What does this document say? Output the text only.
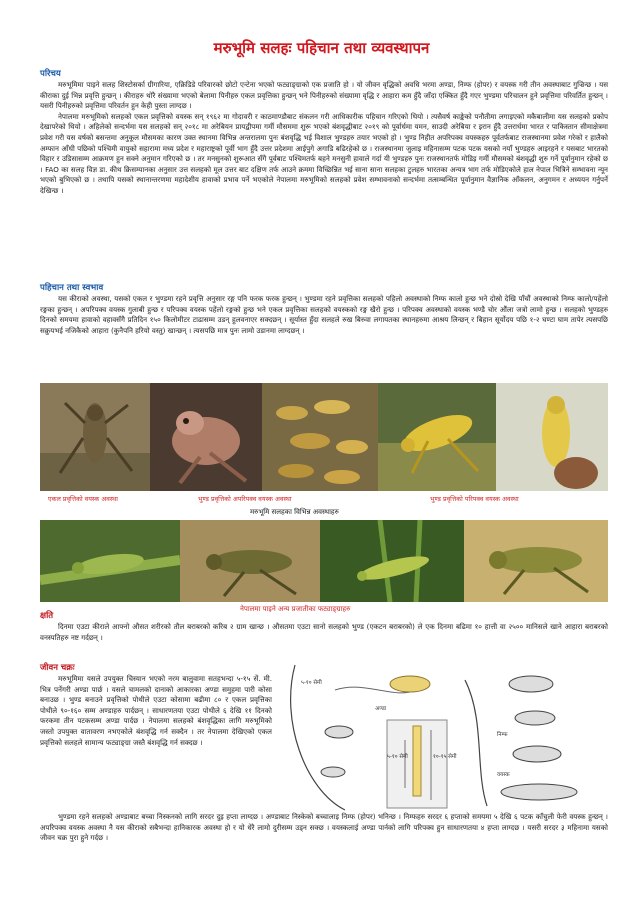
मरुभूमि सलहः पहिचान तथा व्यवस्थापन
परिचय

मरुभूमिमा पाइने सलह शिस्टोसर्का ग्रीगारिया, एक्रिडिडे परिवारको छोटो एन्टेना भएको फट्याङ्ग्राको एक प्रजाति हो । यो जीवन वृद्धिको अवधि भरमा अण्डा, निम्फ (होपर) र वयस्क गरी तीन अवस्थाबाट गुज्रिन्छ । यस कीराका दुई भिन्न प्रवृत्ति हुन्छन् । कीराहरु थोरै संख्यामा भएको बेलामा पिनीहरु एकल प्रवृत्तिका हुन्छन् भने पिनीहरुको संख्यामा वृद्धि र आहारा कम हुँदै जाँदा एक्कित हुँदै गएर भुण्डमा परिचालन हुने प्रवृत्तिमा परिवर्तित हुन्छन् । यसरी पिनीहरुको प्रवृत्तिमा परिवर्तन हुन केही पुस्ता लाग्दछ ।

नेपालमा मरुभूमिको सलहको एकल प्रवृत्तिको वयस्क सन् १९६२ मा गोदावरी र काठमाण्डौबाट संकलन गरी आधिकारीक पहिचान गरिएको थियो । त्यसैवर्ष काङ्केको पनौतीमा लगाइएको मकैबालीमा यस सलहको प्रकोप देखापरेको थियो । अहिलेको सन्दर्भमा यस सलहको सन् २०१८ मा अरेबियन प्रायद्वीपमा गर्मी मौसममा शुरू भएको बंशवृद्धीबाट २०१९ को पूर्वार्धमा यमन, साउदी अरेबिया र इरान हुँदै उत्तरार्धमा भारत र पाकिस्तान सीमाक्षेत्रमा प्रवेश गरी यस वर्षको बसन्तमा अनुकूल मौसमका कारण उक्त स्थानमा विभिन्न अन्तरालमा पुनः बंशवृद्धि भई विशाल भुण्डहरु तयार भएको हो । भुण्ड निहीत अपरिपक्व वयस्कहरु पूर्वतर्फबाट राजस्थानमा प्रवेश गरेको र हालैको अम्फान आँधी पछिको पश्चिमी वायुको सहारामा मध्य प्रदेश र महाराष्ट्रको पूर्वी भाग हुँदै उत्तर प्रदेशमा आईपुगे अगाडि बढिरहेको छ । राजस्थानमा जुलाइ महिनासम्म पटक पटक यसको नयाँ भुण्डहरु आइरहने र यसबाट भारतको विहार र उडिसासम्म आक्रमण हुन सक्ने अनुमान गरिएको छ । तर मनसुनको शुरूआत सँगै पूर्वबाट पश्चिमतर्फ बहने मनसुनी हावाले गर्दा यी भुण्डहरु पुनः राजस्थानतर्फ मोडिइ गर्मी मौसमको बंशवृद्धी शुरु गर्ने पूर्वानुमान रहेको छ । FAO का सलह विज्ञ डा. कीथ क्रिसम्यानका अनुसार उत्त सलहको मूल उत्तर बाट दक्षिण तर्फ आउने क्रममा विच्छिन्नित भई साना साना सलहका टुलहरु भारतका अन्यत्र भाग तर्फ मोडिएकोले हाल नेपाल भित्रिने सम्भावना न्यून भएको बुभिएको छ । तथापि यसको स्थानान्तरणमा महादेशीय हावाको प्रभाव पर्ने भएकोले नेपालमा मरुभूमिको सलहको प्रवेश सम्भावनाको सन्दर्भमा तत्सम्बन्धित पूर्वानुमान वैज्ञानिक आँकलन, अनुगमन र अध्ययन गर्नुपर्ने देखिन्छ ।

पहिचान तथा स्वभाव

यस कीराको अवस्था, यसको एकल र भुण्डमा रहने प्रवृत्ति अनुसार रङ्ग पनि फरक फरक हुन्छन् । भुण्डमा रहने प्रवृत्तिका सलहको पहिलो अवस्थाको निम्फ कालो हुन्छ भने दोस्रो देखि पाँचौं अवस्थाको निम्फ कालो/पहेंलो रङ्गका हुन्छन् । अपरिपक्व वयस्क गुलाबी हुन्छ र परिपक्व वयस्क पहेंलो रङ्गको हुन्छ भने एकल प्रवृत्तिका सलहको वयस्कको रङ्ग खैरो हुन्छ । परिपक्व अवस्थाको वयस्क भण्डै चोर औंला जत्रो लामो हुन्छ । सलहको भुण्डहरु दिनको समयमा हावाको वहावसँगै प्रतिदिन १५० किलोमीटर टाढासम्म उडन् हुलवनाएर सक्दछन् । सूर्यास्त हुँदा सलहले रुख बिरुवा लगायतका स्थानहरुमा आश्रय लिन्छन् र बिहान सूर्योदय पछि १-२ घण्टा घाम तापेर त्यसपछि सक्रुयभई नजिकैको आहारा (कुनैपनि हरियो वस्तु) खान्छन् । त्यसपछि मात्र पुनः लामो उडानमा लाग्दछन् ।

एकल प्रवृत्तिको वयस्क अवस्था	भुण्ड प्रवृत्तिको अपरिपक्व वयस्क अवस्था	भुण्ड प्रवृत्तिको परिपक्व वयस्क अवस्था
मरुभूमि सलहका विभिन्न अवस्थाहरु
नेपालमा पाइने अन्य प्रजातीका फट्याङ्ग्राहरु
क्षति

दिनमा एउटा कीराले आफ्नो औसत शरीरको तौल बराबरको करिब २ ग्राम खान्छ । औसतमा एउटा सानो सलहको भुण्ड (एकटन बराबरको) ले एक दिनमा बढिमा १० हात्ती वा २५०० मानिसले खाने आहारा बराबरको वनस्पतिहरु नष्ट गर्दछन् ।

जीवन चक्रः

मरुभूमिमा यसले उपयुक्त चिस्यान भएको नरम बालुवामा सतहभन्दा ५-१५ सें. मी. भित्र पर्नेगरी अण्डा पार्छ । यसले चामलको दानाको आकारका अण्डा समुहमा पारी कोसा बनाउछ । भुण्ड बनाउने प्रवृत्तिको पोथीले एउटा कोसामा बढीमा ८० र एकल प्रवृत्तिका पोथीले ९०-१६० सम्म अण्डाहरु पार्दछन् । साधारणतया एउटा पोथीले ६ देखि ११ दिनको फरकमा तीन पटकसम्म अण्डा पार्दछ । नेपालमा सलहको बंशवृद्धिका लागि मरुभूमिको जस्तो उपयुक्त वातावरण नभएकोले बंशवृद्धि गर्न सक्दैन । तर नेपालमा देखिएको एकल प्रवृत्तिको सलहले सामान्य फट्याङ्ग्रा जस्तै बंशवृद्धि गर्न सक्दछ ।

भुण्डमा रहने सलहको अण्डाबाट बच्चा निस्कनको लागि सरदर दुइ हप्ता लाग्दछ । अण्डाबाट निस्केको बच्चालाइ निम्फ (होपर) भनिन्छ । निम्फहरु सरदर ६ हप्ताको समयमा ५ देखि ६ पटक काँचुली फेरी वयस्क हुन्छन् । अपरिपक्व वयस्क अवस्था नै यस कीराको सबैभन्दा हानिकारक अवस्था हो र यो धेरै लामो दुरीसम्म उड्न सक्छ । वयस्कलाई अण्डा पार्नको लागि परिपक्व हुन साधारणतया ४ हप्ता लाग्दछ । यसरी सरदर ३ महिनामा यसको जीवन चक्र पुरा हुने गर्दछ ।

५-१० सेमी	१०-१५ सेमी
५-१० सेमी
अण्डा
निम्फ
वयस्क
